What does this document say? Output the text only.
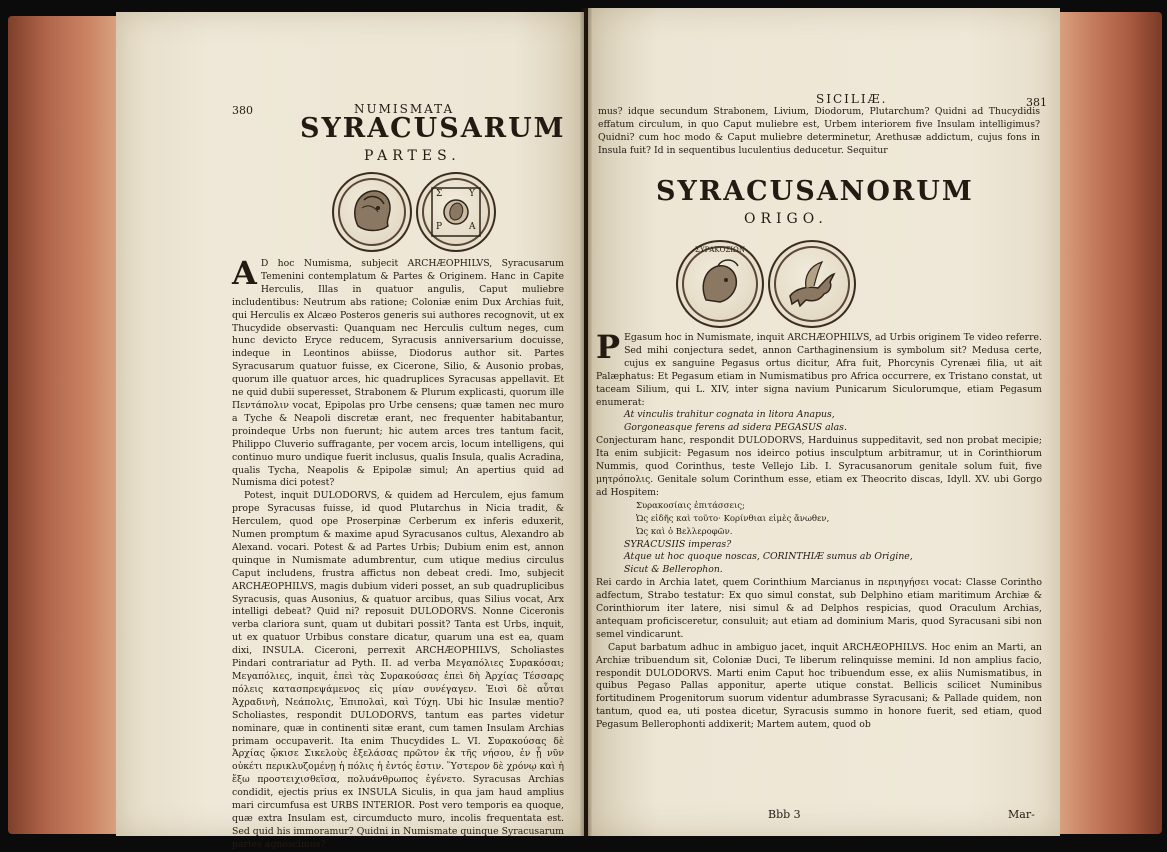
380	NUMISMATA
SYRACUSARUM
PARTES.
Σ	Υ
Ρ	Α

A D hoc Numisma, subjecit ARCHÆOPHILVS, Syracusarum Temenini contemplatum & Partes & Originem. Hanc in Capite Herculis, Illas in quatuor angulis, Caput muliebre includentibus: Neutrum abs ratione; Coloniæ enim Dux Archias fuit, qui Herculis ex Alcæo Posteros generis sui authores recognovit, ut ex Thucydide observasti: Quanquam nec Herculis cultum neges, cum hunc devicto Eryce reducem, Syracusis anniversarium docuisse, indeque in Leontinos abiisse, Diodorus author sit. Partes Syracusarum quatuor fuisse, ex Cicerone, Silio, & Ausonio probas, quorum ille quatuor arces, hic quadruplices Syracusas appellavit. Et ne quid dubii superesset, Strabonem & Plurum explicasti, quorum ille Πεντάπολιν vocat, Epipolas pro Urbe censens; quæ tamen nec muro a Tyche & Neapoli discretæ erant, nec frequenter habitabantur, proindeque Urbs non fuerunt; hic autem arces tres tantum facit, Philippo Cluverio suffragante, per vocem arcis, locum intelligens, qui continuo muro undique fuerit inclusus, qualis Insula, qualis Acradina, qualis Tycha, Neapolis & Epipolæ simul; An apertius quid ad Numisma dici potest?

Potest, inquit DULODORVS, & quidem ad Herculem, ejus famum prope Syracusas fuisse, id quod Plutarchus in Nicia tradit, & Herculem, quod ope Proserpinæ Cerberum ex inferis eduxerit, Numen promptum & maxime apud Syracusanos cultus, Alexandro ab Alexand. vocari. Potest & ad Partes Urbis; Dubium enim est, annon quinque in Numismate adumbrentur, cum utique medius circulus Caput includens, frustra affictus non debeat credi. Imo, subjecit ARCHÆOPHILVS, magis dubium videri posset, an sub quadruplicibus Syracusis, quas Ausonius, & quatuor arcibus, quas Silius vocat, Arx intelligi debeat? Quid ni? reposuit DULODORVS. Nonne Ciceronis verba clariora sunt, quam ut dubitari possit? Tanta est Urbs, inquit, ut ex quatuor Urbibus constare dicatur, quarum una est ea, quam dixi, INSULA. Ciceroni, perrexit ARCHÆOPHILVS, Scholiastes Pindari contrariatur ad Pyth. II. ad verba Μεγαπόλιες Συρακόσαι; Μεγαπόλιες, inquit, ἐπεὶ τὰς Συρακούσας ἐπεὶ δὴ Ἀρχίας Τέσσαρς πόλεις κατασπρεψάμενος εἰς μίαν συνέγαγεν. Ἐισὶ δὲ αὗται Ἀχραδινὴ, Νεάπολις, Ἐπιπολαὶ, καὶ Τύχη. Ubi hic Insulæ mentio? Scholiastes, respondit DULODORVS, tantum eas partes videtur nominare, quæ in continenti sitæ erant, cum tamen Insulam Archias primam occupaverit. Ita enim Thucydides L. VI. Συρακούσας δὲ Ἀρχίας ᾤκισε Σικελοὺς ἐξελάσας πρῶτον ἐκ τῆς νήσου, ἐν ᾗ νῦν οὐκέτι περικλυζομένῃ ἡ πόλις ἡ ἐντός ἐστιν. Ὕστερον δὲ χρόνῳ καὶ ἡ ἔξω προστειχισθεῖσα, πολυάνθρωπος ἐγένετο. Syracusas Archias condidit, ejectis prius ex INSULA Siculis, in qua jam haud amplius mari circumfusa est URBS INTERIOR. Post vero temporis ea quoque, quæ extra Insulam est, circumducto muro, incolis frequentata est. Sed quid his immoramur? Quidni in Numismate quinque Syracusarum partes agnoscimus?

SICILIÆ.	381

mus? idque secundum Strabonem, Livium, Diodorum, Plutarchum? Quidni ad Thucydidis effatum circulum, in quo Caput muliebre est, Urbem interiorem five Insulam intelligimus? Quidni? cum hoc modo & Caput muliebre determinetur, Arethusæ addictum, cujus fons in Insula fuit? Id in sequentibus luculentius deducetur. Sequitur

SYRACUSANORUM
ORIGO.
ΣΥΡΑΚΟΣΙΩΝ

P Egasum hoc in Numismate, inquit ARCHÆOPHILVS, ad Urbis originem Te video referre. Sed mihi conjectura sedet, annon Carthaginensium is symbolum sit? Medusa certe, cujus ex sanguine Pegasus ortus dicitur, Afra fuit, Phorcynis Cyrenæi filia, ut ait Palæphatus: Et Pegasum etiam in Numismatibus pro Africa occurrere, ex Tristano constat, ut taceam Silium, qui L. XIV, inter signa navium Punicarum Siculorumque, etiam Pegasum enumerat:

At vinculis trahitur cognata in litora Anapus,
Gorgoneasque ferens ad sidera PEGASUS alas.

Conjecturam hanc, respondit DULODORVS, Harduinus suppeditavit, sed non probat mecipie; Ita enim subjicit: Pegasum nos ideirco potius insculptum arbitramur, ut in Corinthiorum Nummis, quod Corinthus, teste Vellejo Lib. I. Syracusanorum genitale solum fuit, five μητρόπολις. Genitale solum Corinthum esse, etiam ex Theocrito discas, Idyll. XV. ubi Gorgo ad Hospitem:

Συρακοσίαις ἐπιτάσσεις;
Ὡς εἰδῆς καὶ τοῦτο· Κορίνθιαι εἰμὲς ἄνωθεν,
Ὡς καὶ ὁ Βελλεροφῶν.
SYRACUSIIS imperas?
Atque ut hoc quoque noscas, CORINTHIÆ sumus ab Origine,
Sicut & Bellerophon.

Rei cardo in Archia latet, quem Corinthium Marcianus in περιηγήσει vocat: Classe Corintho adfectum, Strabo testatur: Ex quo simul constat, sub Delphino etiam maritimum Archiæ & Corinthiorum iter latere, nisi simul & ad Delphos respicias, quod Oraculum Archias, antequam proficisceretur, consuluit; aut etiam ad dominium Maris, quod Syracusani sibi non semel vindicarunt.

Caput barbatum adhuc in ambiguo jacet, inquit ARCHÆOPHILVS. Hoc enim an Marti, an Archiæ tribuendum sit, Coloniæ Duci, Te liberum relinquisse memini. Id non amplius facio, respondit DULODORVS. Marti enim Caput hoc tribuendum esse, ex aliis Numismatibus, in quibus Pegaso Pallas apponitur, aperte utique constat. Bellicis scilicet Numinibus fortitudinem Progenitorum suorum videntur adumbrasse Syracusani; & Pallade quidem, non tantum, quod ea, uti postea dicetur, Syracusis summo in honore fuerit, sed etiam, quod Pegasum Bellerophonti addixerit; Martem autem, quod ob

Bbb 3	Mar-
